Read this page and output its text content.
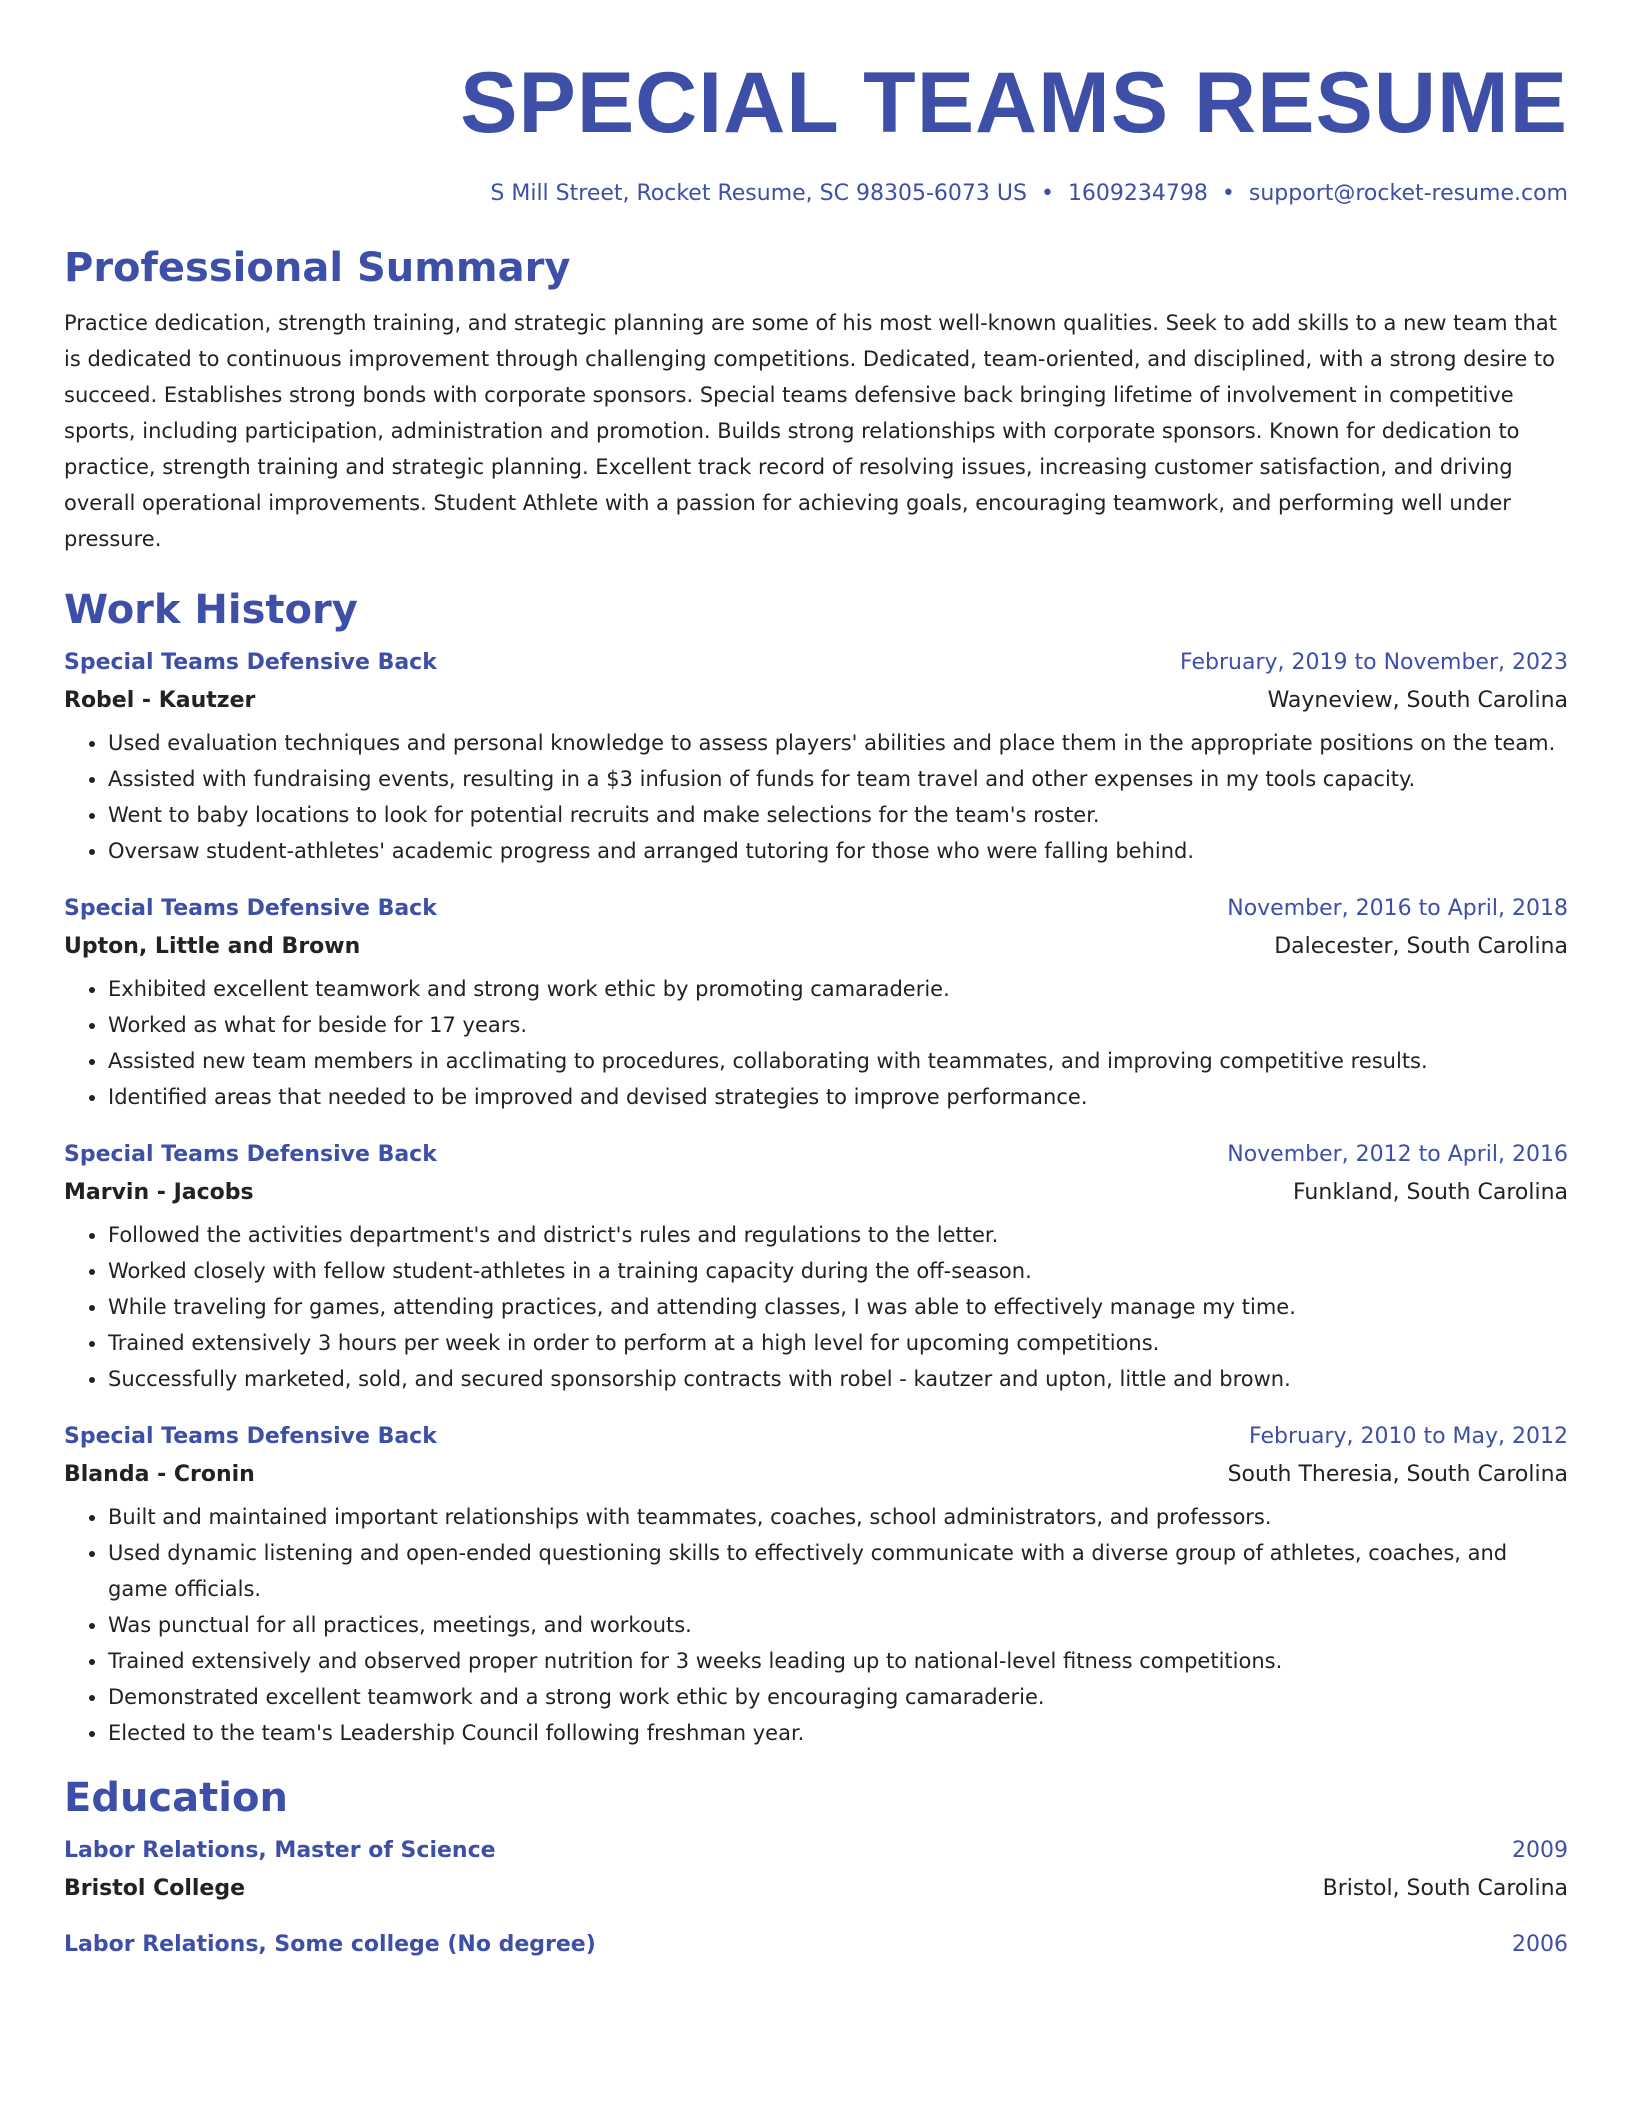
SPECIAL TEAMS RESUME
S Mill Street, Rocket Resume, SC 98305-6073 US • 1609234798 • support@rocket-resume.com
Professional Summary

Practice dedication, strength training, and strategic planning are some of his most well-known qualities. Seek to add skills to a new team that is dedicated to continuous improvement through challenging competitions. Dedicated, team-oriented, and disciplined, with a strong desire to succeed. Establishes strong bonds with corporate sponsors. Special teams defensive back bringing lifetime of involvement in competitive sports, including participation, administration and promotion. Builds strong relationships with corporate sponsors. Known for dedication to practice, strength training and strategic planning. Excellent track record of resolving issues, increasing customer satisfaction, and driving overall operational improvements. Student Athlete with a passion for achieving goals, encouraging teamwork, and performing well under pressure.

Work History
Special Teams Defensive Back	February, 2019 to November, 2023
Robel - Kautzer	Wayneview, South Carolina
• Used evaluation techniques and personal knowledge to assess players' abilities and place them in the appropriate positions on the team.
• Assisted with fundraising events, resulting in a $3 infusion of funds for team travel and other expenses in my tools capacity.
• Went to baby locations to look for potential recruits and make selections for the team's roster.
• Oversaw student-athletes' academic progress and arranged tutoring for those who were falling behind.
Special Teams Defensive Back	November, 2016 to April, 2018
Upton, Little and Brown	Dalecester, South Carolina
• Exhibited excellent teamwork and strong work ethic by promoting camaraderie.
• Worked as what for beside for 17 years.
• Assisted new team members in acclimating to procedures, collaborating with teammates, and improving competitive results.
• Identified areas that needed to be improved and devised strategies to improve performance.
Special Teams Defensive Back	November, 2012 to April, 2016
Marvin - Jacobs	Funkland, South Carolina
• Followed the activities department's and district's rules and regulations to the letter.
• Worked closely with fellow student-athletes in a training capacity during the off-season.
• While traveling for games, attending practices, and attending classes, I was able to effectively manage my time.
• Trained extensively 3 hours per week in order to perform at a high level for upcoming competitions.
• Successfully marketed, sold, and secured sponsorship contracts with robel - kautzer and upton, little and brown.
Special Teams Defensive Back	February, 2010 to May, 2012
Blanda - Cronin	South Theresia, South Carolina
• Built and maintained important relationships with teammates, coaches, school administrators, and professors.
• Used dynamic listening and open-ended questioning skills to effectively communicate with a diverse group of athletes, coaches, and game officials.
• Was punctual for all practices, meetings, and workouts.
• Trained extensively and observed proper nutrition for 3 weeks leading up to national-level fitness competitions.
• Demonstrated excellent teamwork and a strong work ethic by encouraging camaraderie.
• Elected to the team's Leadership Council following freshman year.
Education
Labor Relations, Master of Science	2009
Bristol College	Bristol, South Carolina
Labor Relations, Some college (No degree)	2006
